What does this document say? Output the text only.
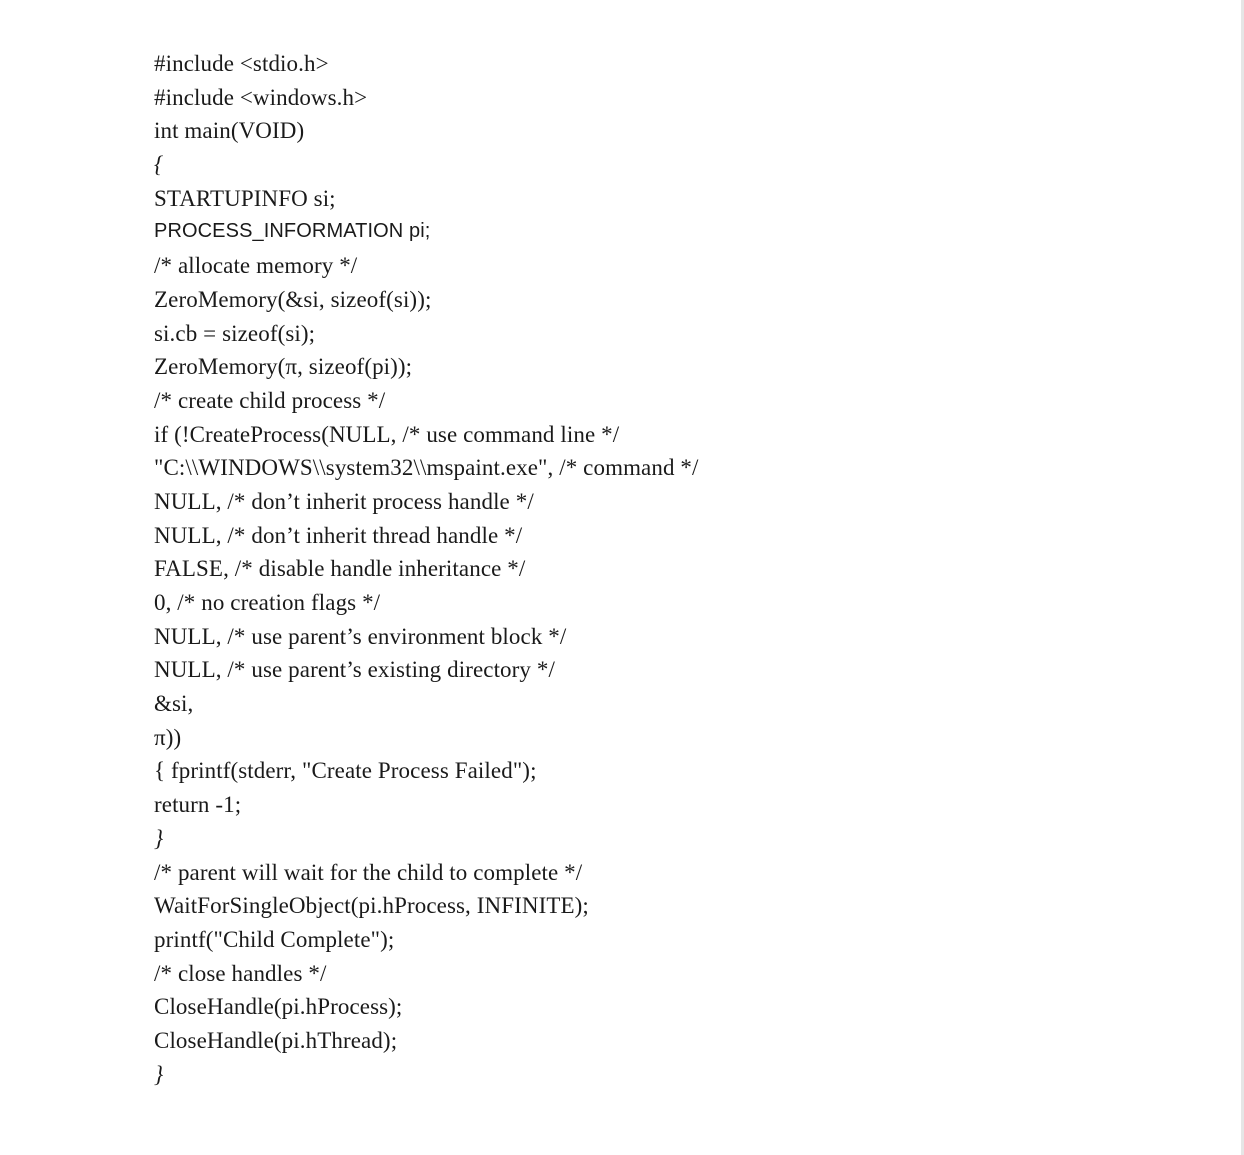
#include <stdio.h>
#include <windows.h>
int main(VOID)
{
STARTUPINFO si;
PROCESS_INFORMATION pi;
/* allocate memory */
ZeroMemory(&si, sizeof(si));
si.cb = sizeof(si);
ZeroMemory(π, sizeof(pi));
/* create child process */
if (!CreateProcess(NULL, /* use command line */
"C:\\WINDOWS\\system32\\mspaint.exe", /* command */
NULL, /* don’t inherit process handle */
NULL, /* don’t inherit thread handle */
FALSE, /* disable handle inheritance */
0, /* no creation flags */
NULL, /* use parent’s environment block */
NULL, /* use parent’s existing directory */
&si,
π))
{ fprintf(stderr, "Create Process Failed");
return -1;
}
/* parent will wait for the child to complete */
WaitForSingleObject(pi.hProcess, INFINITE);
printf("Child Complete");
/* close handles */
CloseHandle(pi.hProcess);
CloseHandle(pi.hThread);
}
